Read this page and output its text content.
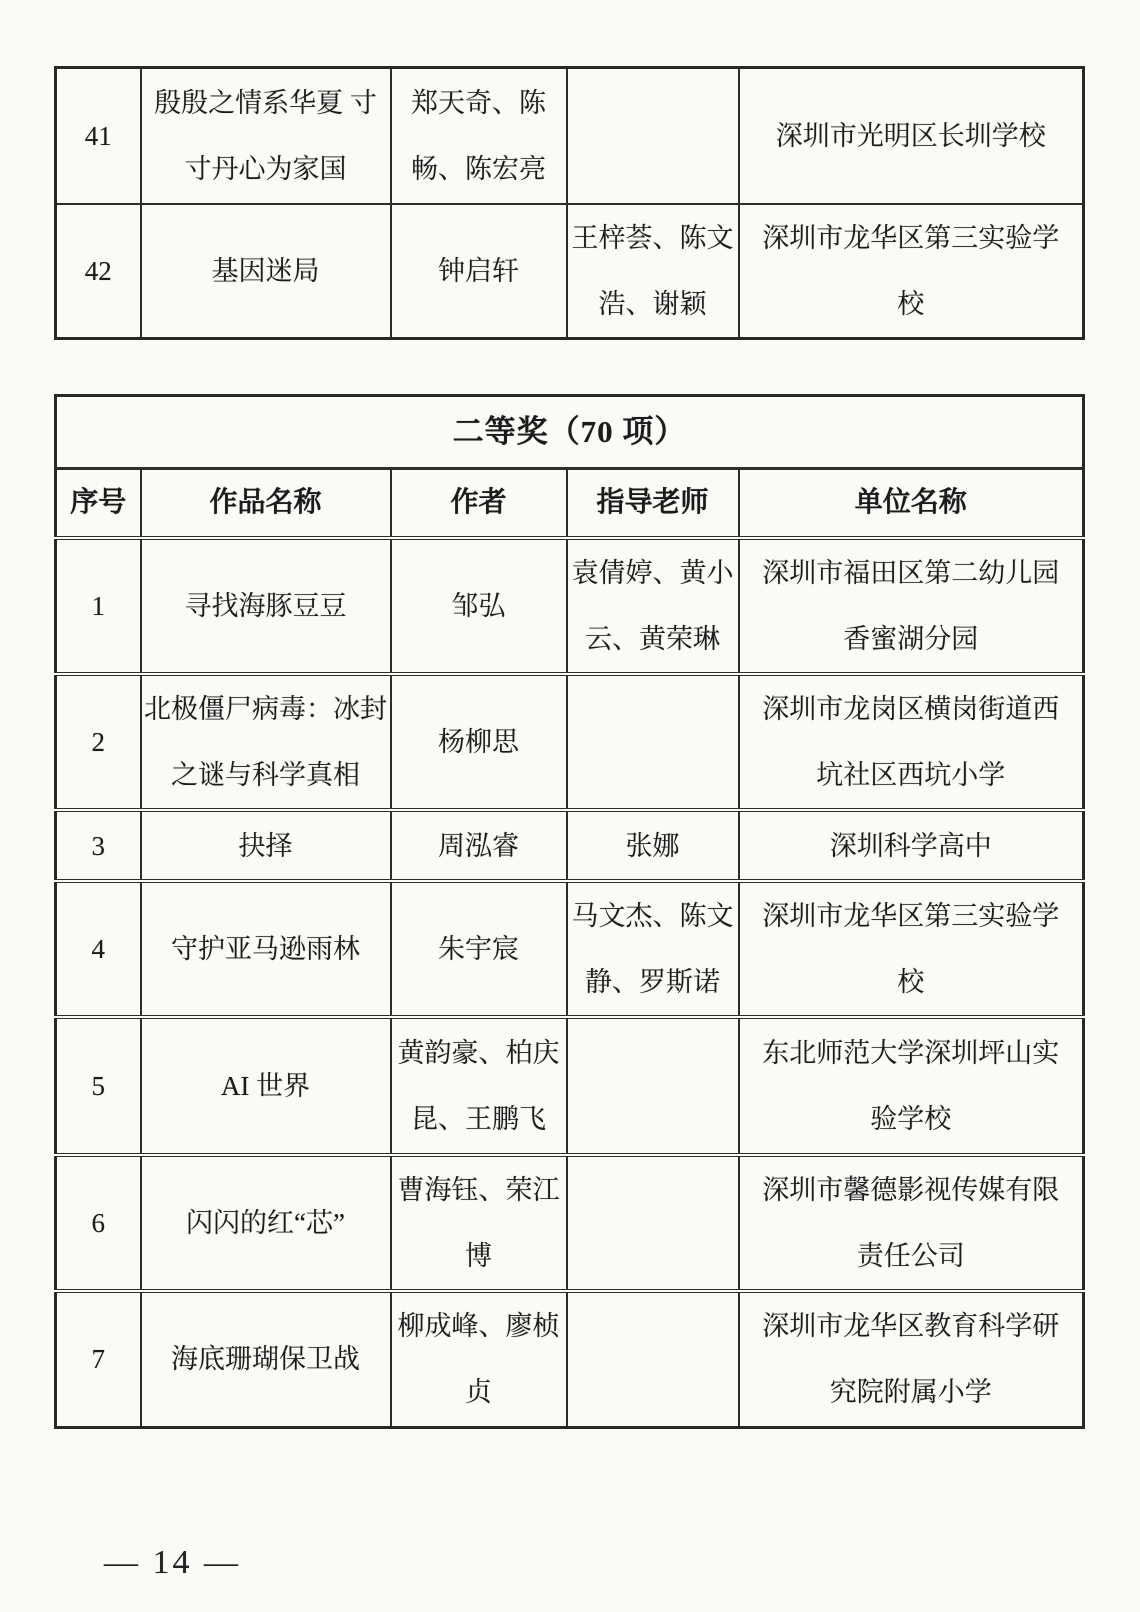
41	殷殷之情系华夏 寸寸丹心为家国	郑天奇、陈畅、陈宏亮		深圳市光明区长圳学校
42	基因迷局	钟启轩	王梓荟、陈文浩、谢颖	深圳市龙华区第三实验学校
二等奖（70 项）				
序号	作品名称	作者	指导老师	单位名称
1	寻找海豚豆豆	邹弘	袁倩婷、黄小云、黄荣琳	深圳市福田区第二幼儿园香蜜湖分园
2	北极僵尸病毒：冰封之谜与科学真相	杨柳思		深圳市龙岗区横岗街道西坑社区西坑小学
3	抉择	周泓睿	张娜	深圳科学高中
4	守护亚马逊雨林	朱宇宸	马文杰、陈文静、罗斯诺	深圳市龙华区第三实验学校
5	AI 世界	黄韵豪、柏庆昆、王鹏飞		东北师范大学深圳坪山实验学校
6	闪闪的红“芯”	曹海钰、荣江博		深圳市馨德影视传媒有限责任公司
7	海底珊瑚保卫战	柳成峰、廖桢贞		深圳市龙华区教育科学研究院附属小学
— 14 —
